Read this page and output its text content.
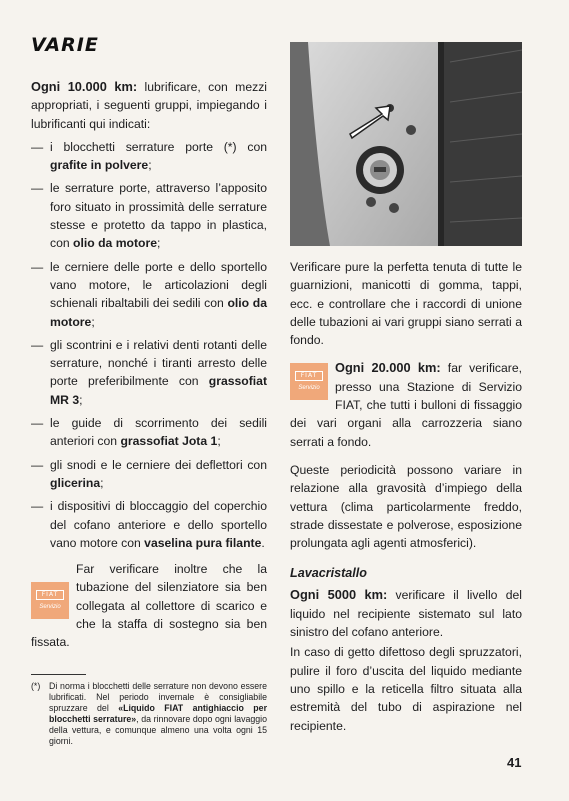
VARIE

Ogni 10.000 km: lubrificare, con mezzi appropriati, i seguenti gruppi, impiegando i lubrificanti qui indicati:

— i blocchetti serrature porte (*) con grafite in polvere;
— le serrature porte, attraverso l’apposito foro situato in prossimità delle serrature stesse e protetto da tappo in plastica, con olio da motore;
— le cerniere delle porte e dello sportello vano motore, le articolazioni degli schienali ribaltabili dei sedili con olio da motore;
— gli scontrini e i relativi denti rotanti delle serrature, nonché i tiranti arresto delle porte preferibilmente con grassofiat MR 3;
— le guide di scorrimento dei sedili anteriori con grassofiat Jota 1;
— gli snodi e le cerniere dei deflettori con glicerina;
— i dispositivi di bloccaggio del coperchio del cofano anteriore e dello sportello vano motore con vaselina pura filante.
FIAT
Servizio

Far verificare inoltre che la tubazione del silenziatore sia ben collegata al collettore di scarico e che la staffa di sostegno sia ben fissata.

(*) Di norma i blocchetti delle serrature non devono essere lubrificati. Nel periodo invernale è consigliabile spruzzare del «Liquido FIAT antighiaccio per blocchetti serrature», da rinnovare dopo ogni lavaggio della vettura, e comunque almeno una volta ogni 15 giorni.

Verificare pure la perfetta tenuta di tutte le guarnizioni, manicotti di gomma, tappi, ecc. e controllare che i raccordi di unione delle tubazioni ai vari gruppi siano serrati a fondo.

FIAT
Servizio

Ogni 20.000 km: far verificare, presso una Stazione di Servizio FIAT, che tutti i bulloni di fissaggio dei vari organi alla carrozzeria siano serrati a fondo.

Queste periodicità possono variare in relazione alla gravosità d’impiego della vettura (clima particolarmente freddo, strade dissestate e polverose, esposizione prolungata agli agenti atmosferici).

Lavacristallo

Ogni 5000 km: verificare il livello del liquido nel recipiente sistemato sul lato sinistro del cofano anteriore.

In caso di getto difettoso degli spruzzatori, pulire il foro d’uscita del liquido mediante uno spillo e la reticella filtro situata alla estremità del tubo di aspirazione nel recipiente.

41
